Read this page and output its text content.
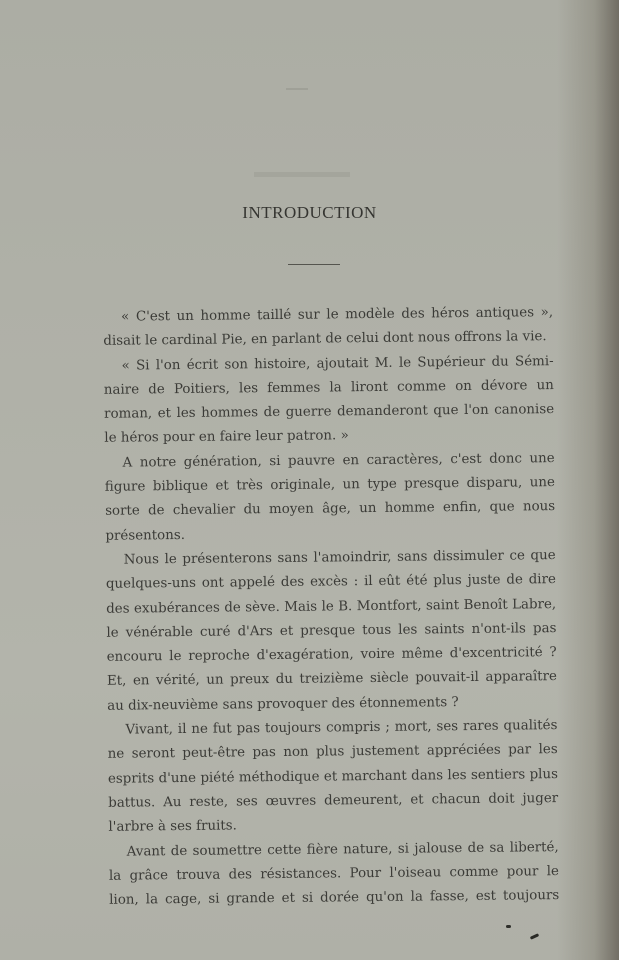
INTRODUCTION
« C'est un homme taillé sur le modèle des héros antiques »,
disait le cardinal Pie, en parlant de celui dont nous offrons la vie.
« Si l'on écrit son histoire, ajoutait M. le Supérieur du Sémi-
naire de Poitiers, les femmes la liront comme on dévore un
roman, et les hommes de guerre demanderont que l'on canonise
le héros pour en faire leur patron. »
A notre génération, si pauvre en caractères, c'est donc une
figure biblique et très originale, un type presque disparu, une
sorte de chevalier du moyen âge, un homme enfin, que nous
présentons.
Nous le présenterons sans l'amoindrir, sans dissimuler ce que
quelques-uns ont appelé des excès : il eût été plus juste de dire
des exubérances de sève. Mais le B. Montfort, saint Benoît Labre,
le vénérable curé d'Ars et presque tous les saints n'ont-ils pas
encouru le reproche d'exagération, voire même d'excentricité ?
Et, en vérité, un preux du treizième siècle pouvait-il apparaître
au dix-neuvième sans provoquer des étonnements ?
Vivant, il ne fut pas toujours compris ; mort, ses rares qualités
ne seront peut-être pas non plus justement appréciées par les
esprits d'une piété méthodique et marchant dans les sentiers plus
battus. Au reste, ses œuvres demeurent, et chacun doit juger
l'arbre à ses fruits.
Avant de soumettre cette fière nature, si jalouse de sa liberté,
la grâce trouva des résistances. Pour l'oiseau comme pour le
lion, la cage, si grande et si dorée qu'on la fasse, est toujours
